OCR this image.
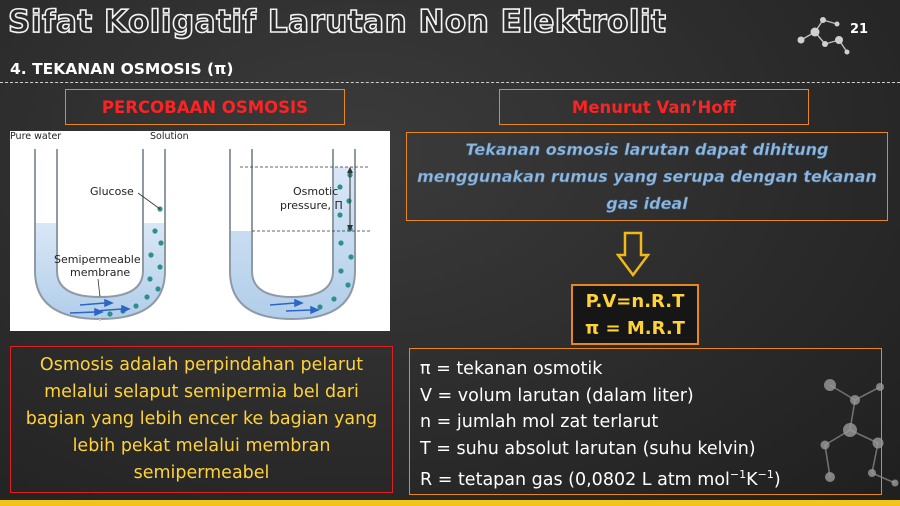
Sifat Koligatif Larutan Non Elektrolit	21
4. TEKANAN OSMOSIS (π)
PERCOBAAN OSMOSIS	Menurut Van’Hoff
Pure water	Solution
Glucose
Semipermeable
membrane
Osmotic
pressure, Π
Tekanan osmosis larutan dapat dihitung menggunakan rumus yang serupa dengan tekanan gas ideal
P.V=n.R.T
π = M.R.T
Osmosis adalah perpindahan pelarut melalui selaput semipermia bel dari bagian yang lebih encer ke bagian yang lebih pekat melalui membran semipermeabel
π = tekanan osmotik
V = volum larutan (dalam liter)
n = jumlah mol zat terlarut
T = suhu absolut larutan (suhu kelvin)
R = tetapan gas (0,0802 L atm $mol^{-1}K^{-1}$)
